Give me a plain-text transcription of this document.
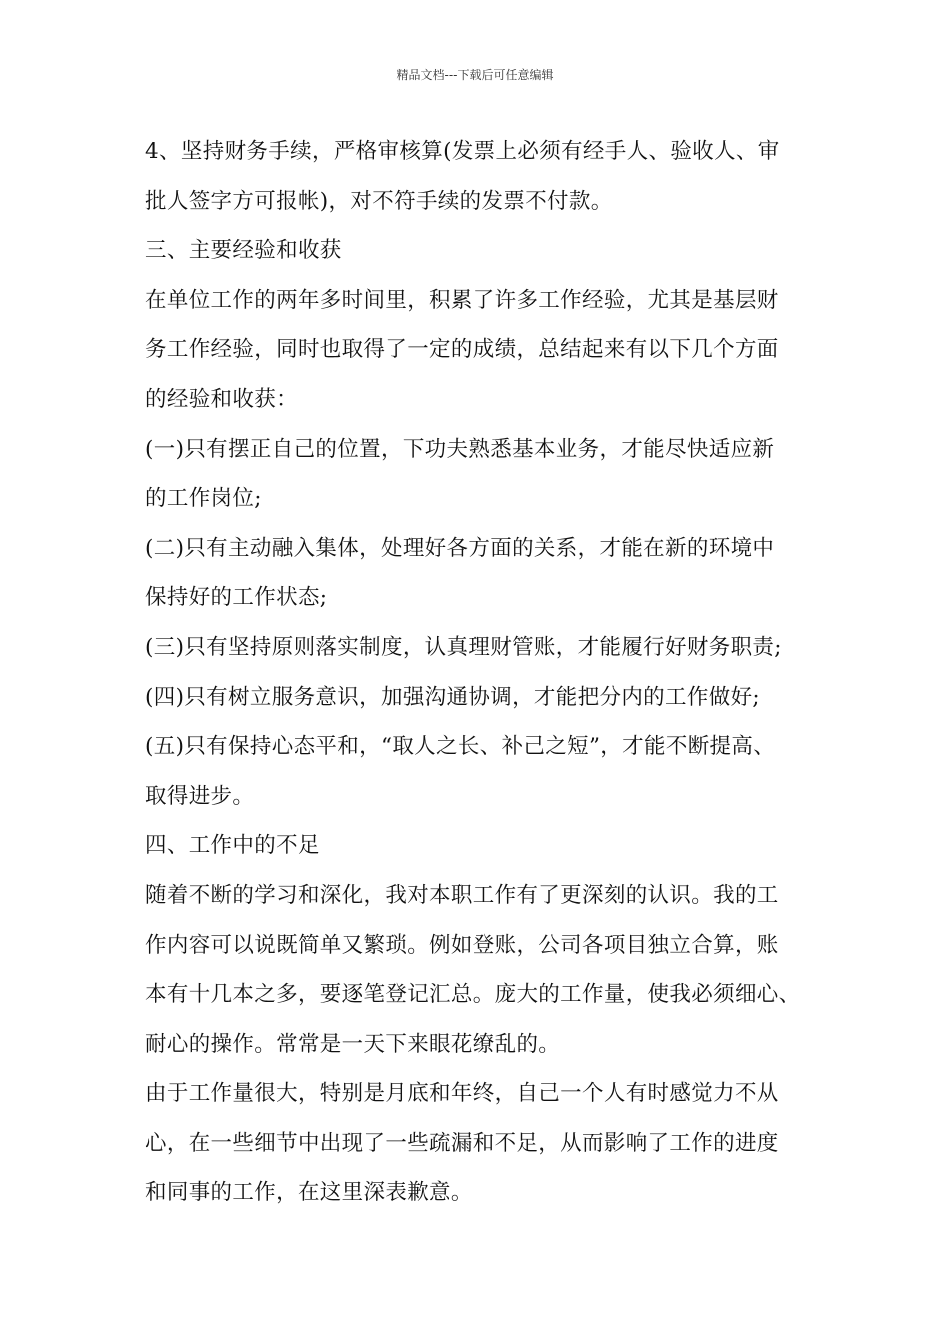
精品文档---下载后可任意编辑
4、坚持财务手续，严格审核算(发票上必须有经手人、验收人、审
批人签字方可报帐)，对不符手续的发票不付款。
三、主要经验和收获
在单位工作的两年多时间里，积累了许多工作经验，尤其是基层财
务工作经验，同时也取得了一定的成绩，总结起来有以下几个方面
的经验和收获：
(一)只有摆正自己的位置，下功夫熟悉基本业务，才能尽快适应新
的工作岗位;
(二)只有主动融入集体，处理好各方面的关系，才能在新的环境中
保持好的工作状态;
(三)只有坚持原则落实制度，认真理财管账，才能履行好财务职责;
(四)只有树立服务意识，加强沟通协调，才能把分内的工作做好;
(五)只有保持心态平和，“取人之长、补己之短”，才能不断提高、
取得进步。
四、工作中的不足
随着不断的学习和深化，我对本职工作有了更深刻的认识。我的工
作内容可以说既简单又繁琐。例如登账，公司各项目独立合算，账
本有十几本之多，要逐笔登记汇总。庞大的工作量，使我必须细心、
耐心的操作。常常是一天下来眼花缭乱的。
由于工作量很大，特别是月底和年终，自己一个人有时感觉力不从
心，在一些细节中出现了一些疏漏和不足，从而影响了工作的进度
和同事的工作，在这里深表歉意。
